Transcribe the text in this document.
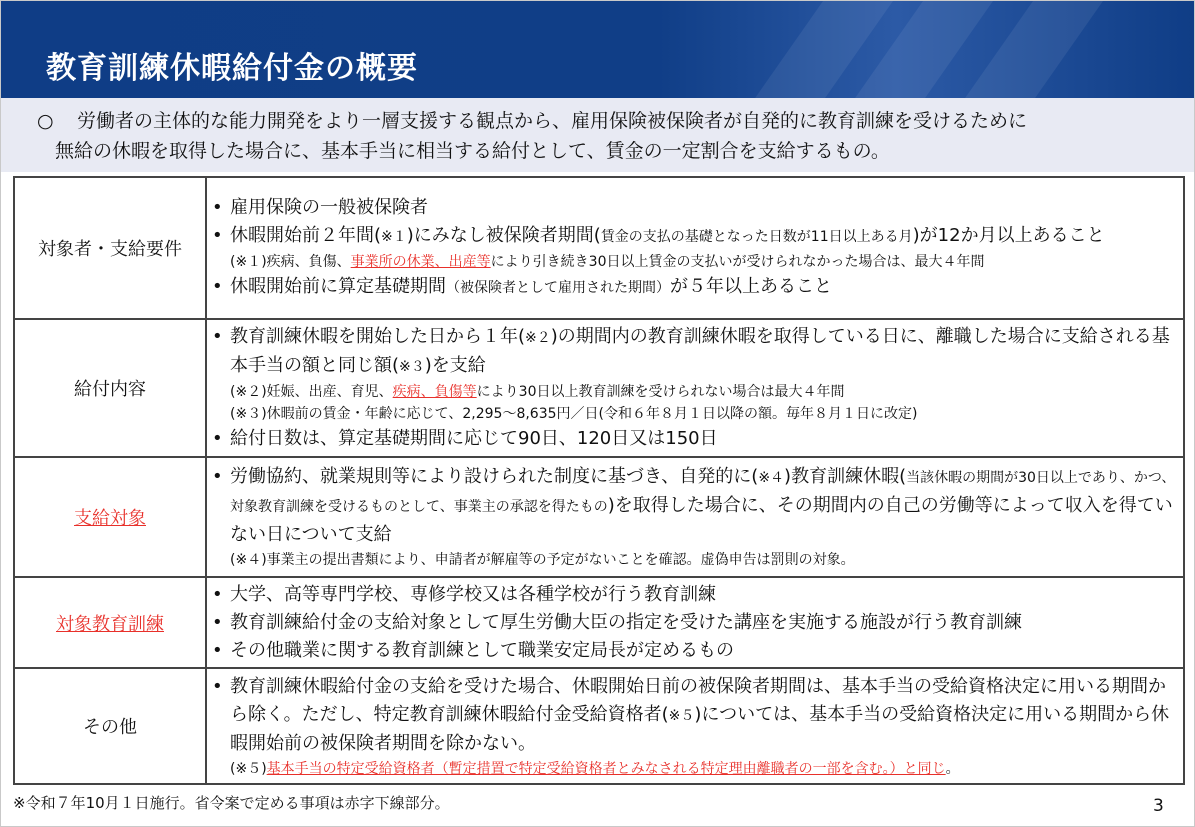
教育訓練休暇給付金の概要
○ 労働者の主体的な能力開発をより一層支援する観点から、雇用保険被保険者が自発的に教育訓練を受けるために
無給の休暇を取得した場合に、基本手当に相当する給付として、賃金の一定割合を支給するもの。
対象者・支給要件	• 雇用保険の一般被保険者
• 休暇開始前２年間(※１)にみなし被保険者期間(賃金の支払の基礎となった日数が11日以上ある月)が12か月以上あること
(※１)疾病、負傷、事業所の休業、出産等により引き続き30日以上賃金の支払いが受けられなかった場合は、最大４年間
• 休暇開始前に算定基礎期間（被保険者として雇用された期間）が５年以上あること

給付内容	• 教育訓練休暇を開始した日から１年(※２)の期間内の教育訓練休暇を取得している日に、離職した場合に支給される基本手当の額と同じ額(※３)を支給
(※２)妊娠、出産、育児、疾病、負傷等により30日以上教育訓練を受けられない場合は最大４年間
(※３)休暇前の賃金・年齢に応じて、2,295～8,635円／日(令和６年８月１日以降の額。毎年８月１日に改定)
• 給付日数は、算定基礎期間に応じて90日、120日又は150日

支給対象	• 労働協約、就業規則等により設けられた制度に基づき、自発的に(※４)教育訓練休暇(当該休暇の期間が30日以上であり、かつ、対象教育訓練を受けるものとして、事業主の承認を得たもの)を取得した場合に、その期間内の自己の労働等によって収入を得ていない日について支給
(※４)事業主の提出書類により、申請者が解雇等の予定がないことを確認。虚偽申告は罰則の対象。

対象教育訓練	• 大学、高等専門学校、専修学校又は各種学校が行う教育訓練
• 教育訓練給付金の支給対象として厚生労働大臣の指定を受けた講座を実施する施設が行う教育訓練
• その他職業に関する教育訓練として職業安定局長が定めるもの

その他	• 教育訓練休暇給付金の支給を受けた場合、休暇開始日前の被保険者期間は、基本手当の受給資格決定に用いる期間から除く。ただし、特定教育訓練休暇給付金受給資格者(※５)については、基本手当の受給資格決定に用いる期間から休暇開始前の被保険者期間を除かない。
(※５)基本手当の特定受給資格者（暫定措置で特定受給資格者とみなされる特定理由離職者の一部を含む。）と同じ。
※令和７年10月１日施行。省令案で定める事項は赤字下線部分。	3
